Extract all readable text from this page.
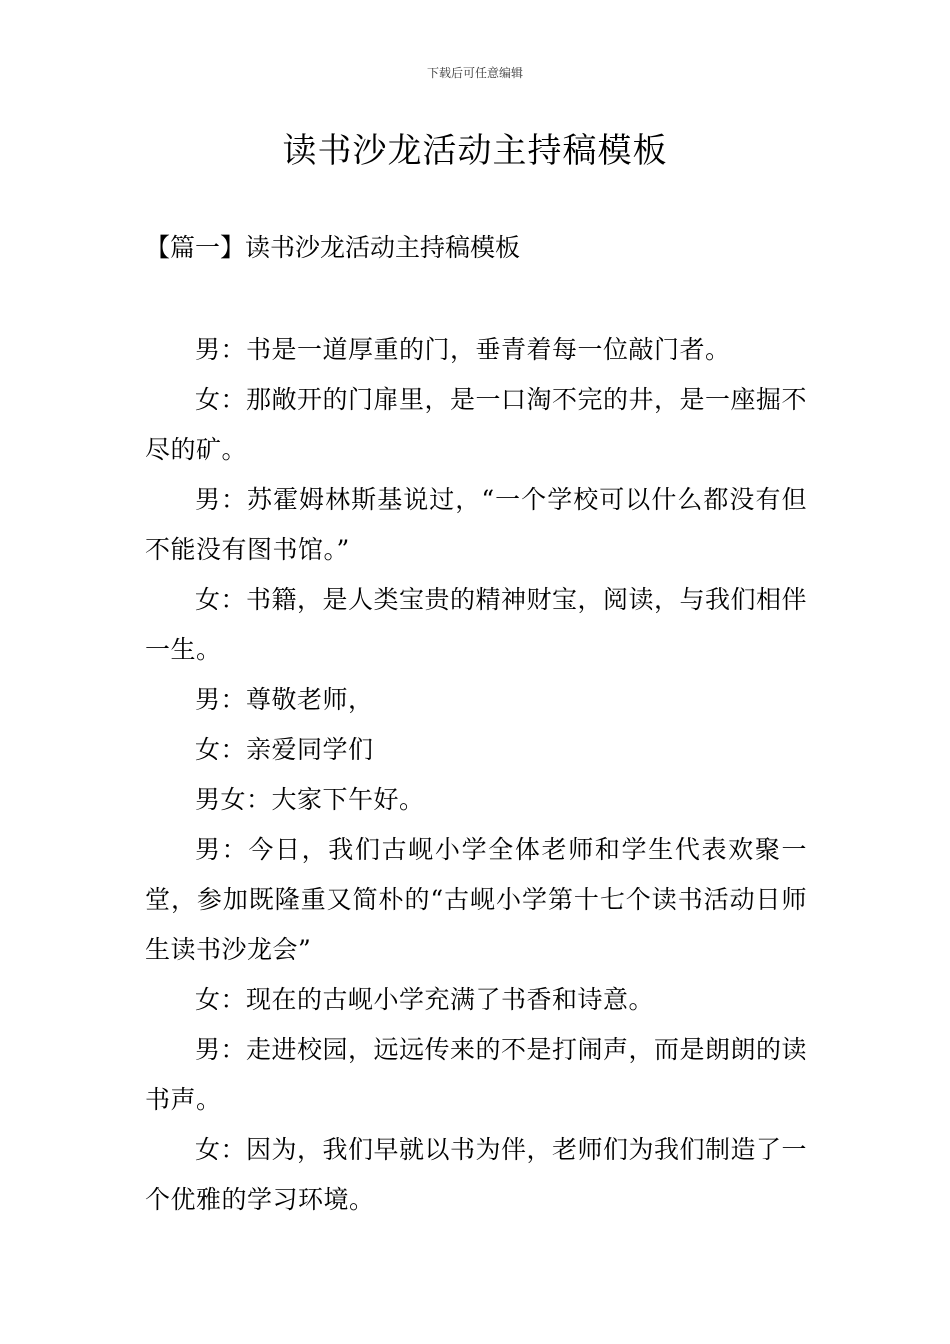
下载后可任意编辑
读书沙龙活动主持稿模板
【篇一】读书沙龙活动主持稿模板

男：书是一道厚重的门，垂青着每一位敲门者。

女：那敞开的门扉里，是一口淘不完的井，是一座掘不尽的矿。

男：苏霍姆林斯基说过，“一个学校可以什么都没有但不能没有图书馆。”

女：书籍，是人类宝贵的精神财宝，阅读，与我们相伴一生。

男：尊敬老师，

女：亲爱同学们

男女：大家下午好。

男：今日，我们古岘小学全体老师和学生代表欢聚一堂，参加既隆重又简朴的“古岘小学第十七个读书活动日师生读书沙龙会”

女：现在的古岘小学充满了书香和诗意。

男：走进校园，远远传来的不是打闹声，而是朗朗的读书声。

女：因为，我们早就以书为伴，老师们为我们制造了一个优雅的学习环境。
